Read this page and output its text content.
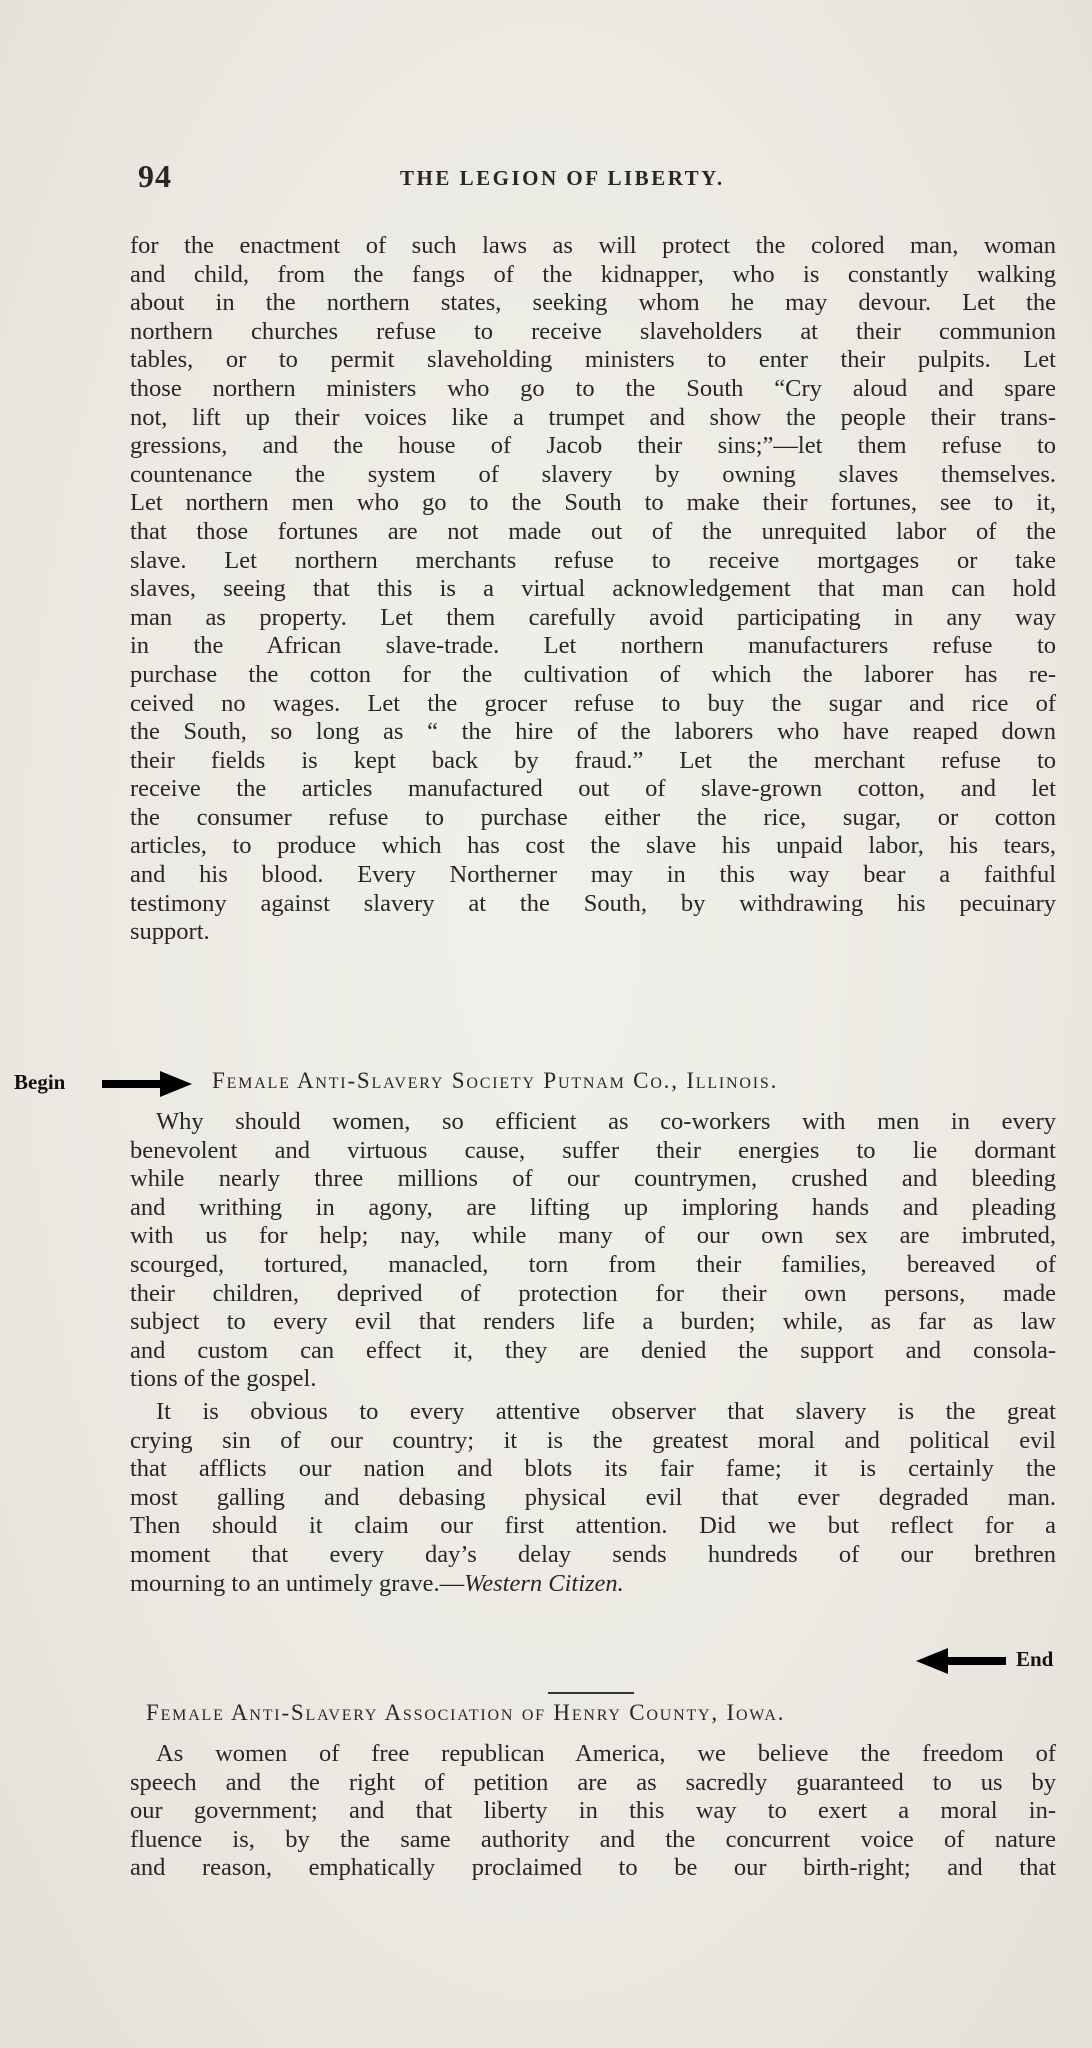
94	THE LEGION OF LIBERTY.
for the enactment of such laws as will protect the colored man, woman
and child, from the fangs of the kidnapper, who is constantly walking
about in the northern states, seeking whom he may devour. Let the
northern churches refuse to receive slaveholders at their communion
tables, or to permit slaveholding ministers to enter their pulpits. Let
those northern ministers who go to the South “Cry aloud and spare
not, lift up their voices like a trumpet and show the people their trans-
gressions, and the house of Jacob their sins;”—let them refuse to
countenance the system of slavery by owning slaves themselves.
Let northern men who go to the South to make their fortunes, see to it,
that those fortunes are not made out of the unrequited labor of the
slave. Let northern merchants refuse to receive mortgages or take
slaves, seeing that this is a virtual acknowledgement that man can hold
man as property. Let them carefully avoid participating in any way
in the African slave-trade. Let northern manufacturers refuse to
purchase the cotton for the cultivation of which the laborer has re-
ceived no wages. Let the grocer refuse to buy the sugar and rice of
the South, so long as “ the hire of the laborers who have reaped down
their fields is kept back by fraud.” Let the merchant refuse to
receive the articles manufactured out of slave-grown cotton, and let
the consumer refuse to purchase either the rice, sugar, or cotton
articles, to produce which has cost the slave his unpaid labor, his tears,
and his blood. Every Northerner may in this way bear a faithful
testimony against slavery at the South, by withdrawing his pecuinary
support.
Begin	Female Anti-Slavery Society Putnam Co., Illinois.
Why should women, so efficient as co-workers with men in every
benevolent and virtuous cause, suffer their energies to lie dormant
while nearly three millions of our countrymen, crushed and bleeding
and writhing in agony, are lifting up imploring hands and pleading
with us for help; nay, while many of our own sex are imbruted,
scourged, tortured, manacled, torn from their families, bereaved of
their children, deprived of protection for their own persons, made
subject to every evil that renders life a burden; while, as far as law
and custom can effect it, they are denied the support and consola-
tions of the gospel.
It is obvious to every attentive observer that slavery is the great
crying sin of our country; it is the greatest moral and political evil
that afflicts our nation and blots its fair fame; it is certainly the
most galling and debasing physical evil that ever degraded man.
Then should it claim our first attention. Did we but reflect for a
moment that every day’s delay sends hundreds of our brethren
mourning to an untimely grave.—Western Citizen.
End
Female Anti-Slavery Association of Henry County, Iowa.
As women of free republican America, we believe the freedom of
speech and the right of petition are as sacredly guaranteed to us by
our government; and that liberty in this way to exert a moral in-
fluence is, by the same authority and the concurrent voice of nature
and reason, emphatically proclaimed to be our birth-right; and that
